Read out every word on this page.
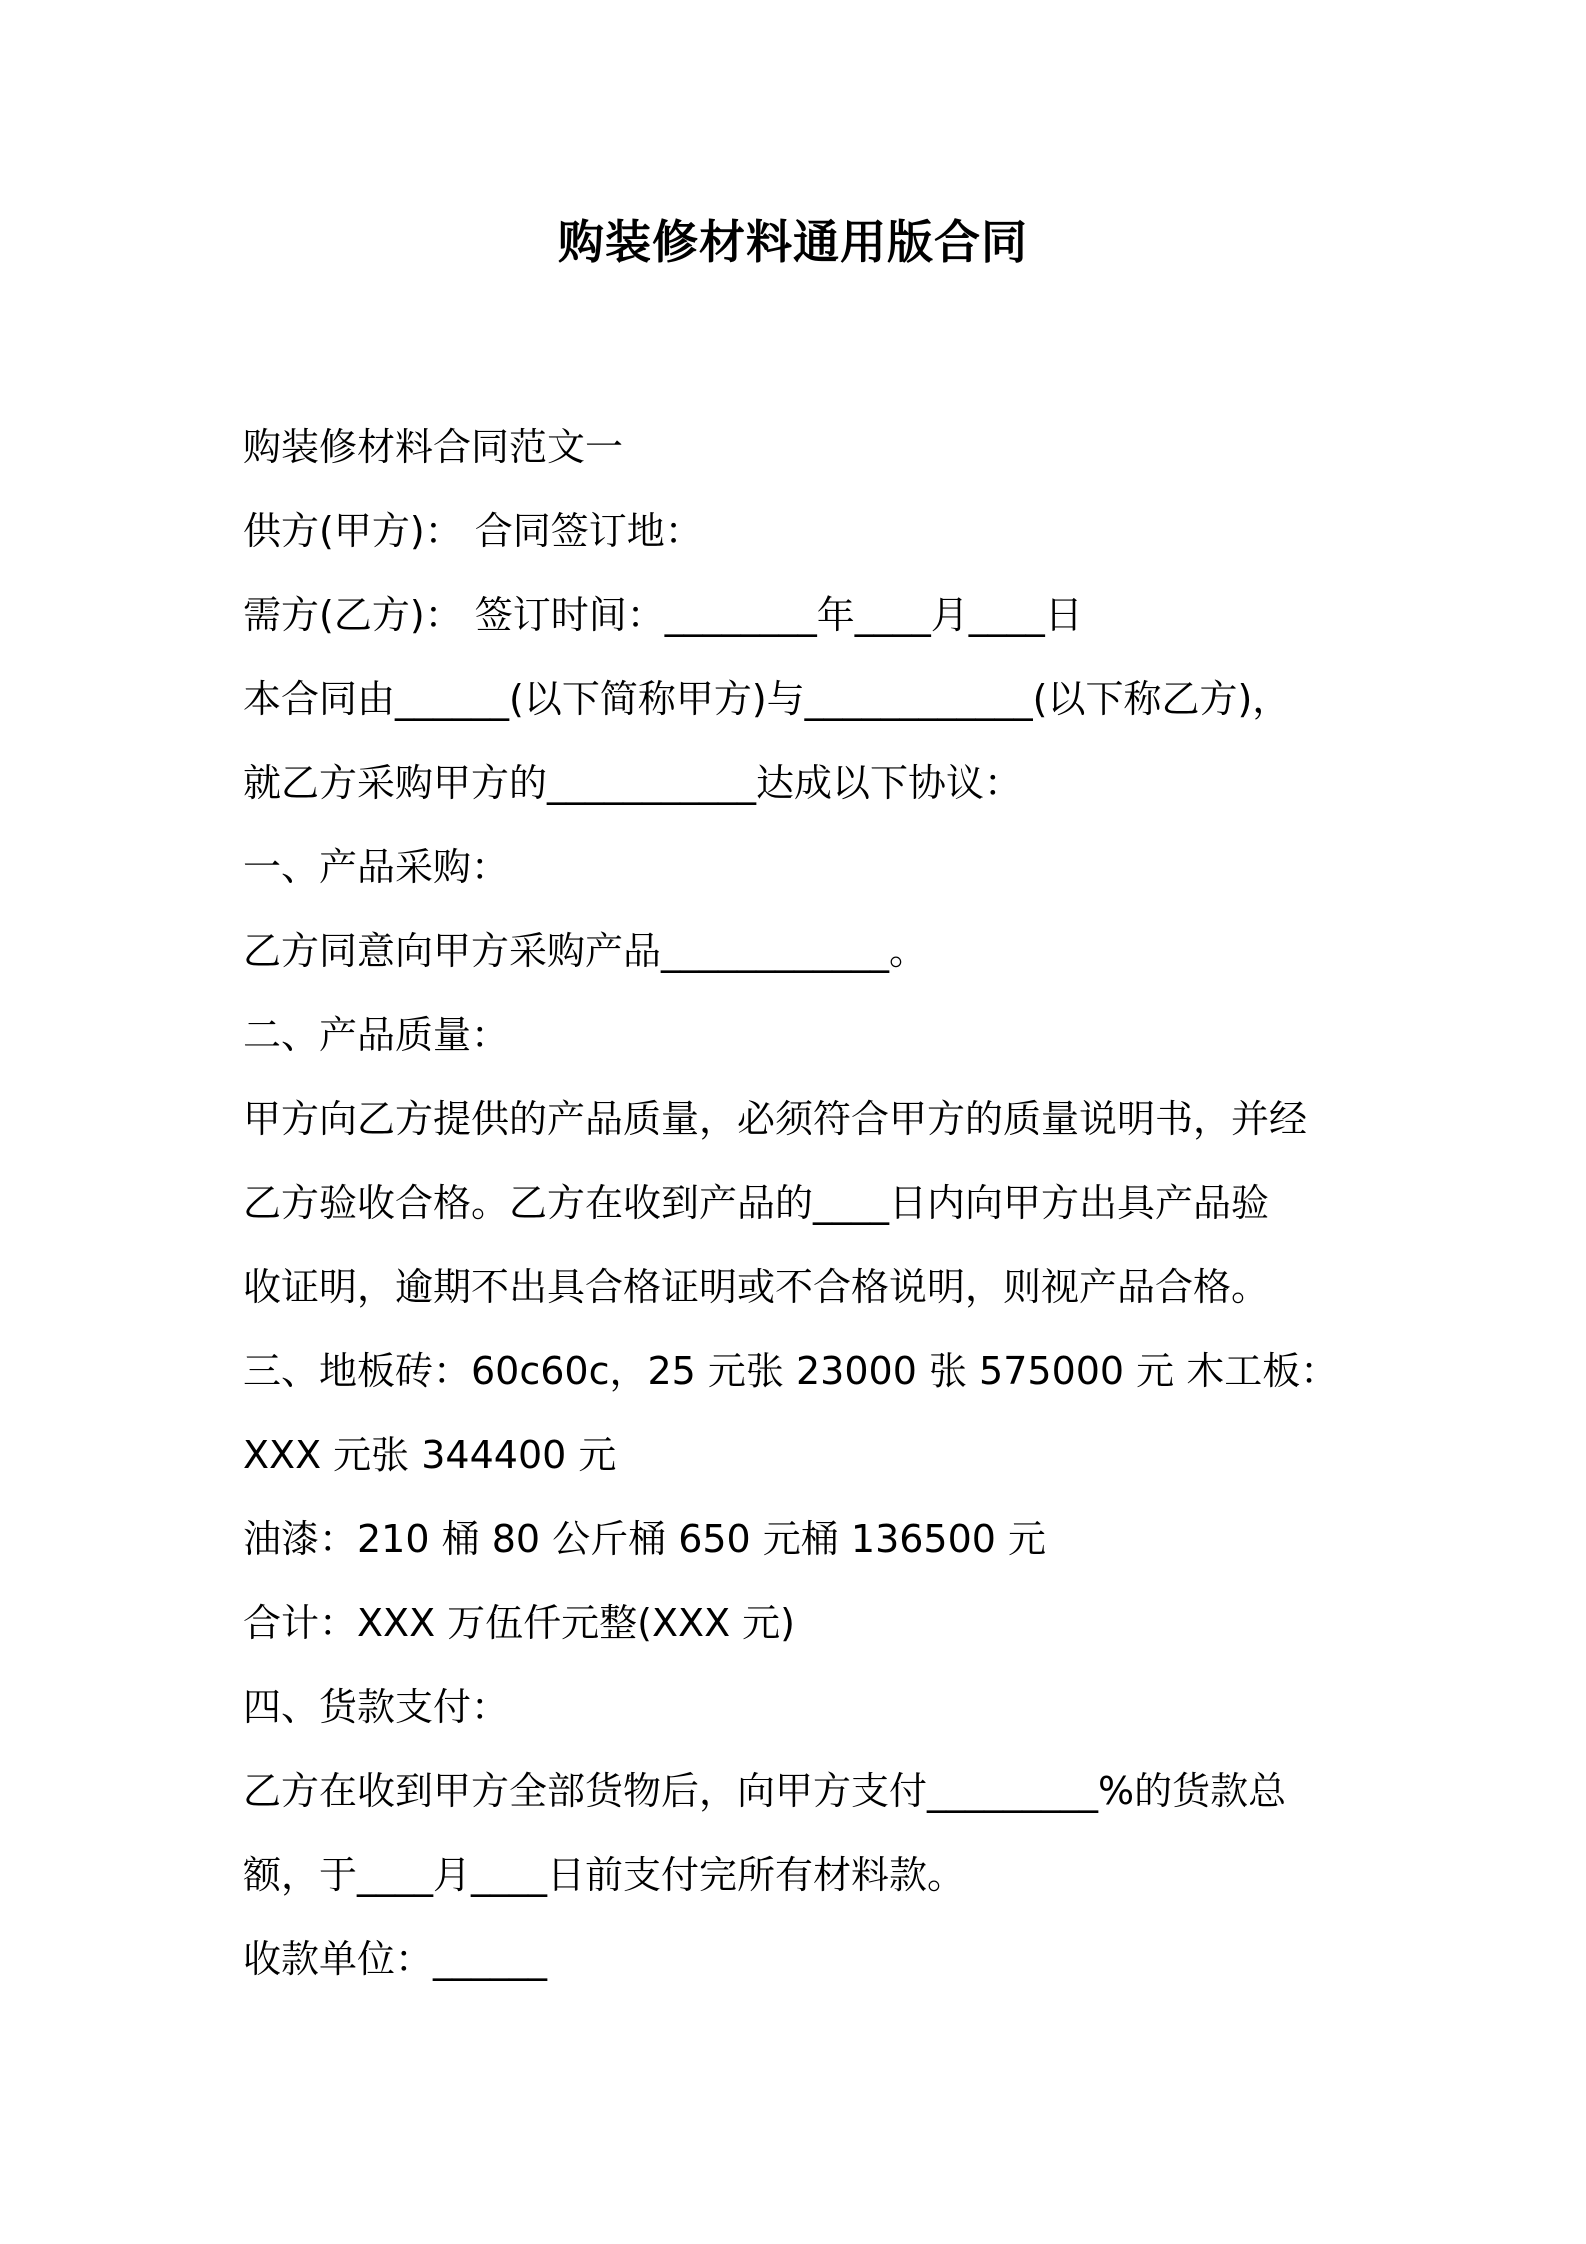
购装修材料通用版合同
购装修材料合同范文一
供方(甲方)： 合同签订地：
需方(乙方)： 签订时间：________年____月____日
本合同由______(以下简称甲方)与____________(以下称乙方)，
就乙方采购甲方的___________达成以下协议：
一、产品采购：
乙方同意向甲方采购产品____________。
二、产品质量：
甲方向乙方提供的产品质量，必须符合甲方的质量说明书，并经
乙方验收合格。乙方在收到产品的____日内向甲方出具产品验
收证明，逾期不出具合格证明或不合格说明，则视产品合格。
三、地板砖：60c60c，25 元张 23000 张 575000 元 木工板：
XXX 元张 344400 元
油漆：210 桶 80 公斤桶 650 元桶 136500 元
合计：XXX 万伍仟元整(XXX 元)
四、货款支付：
乙方在收到甲方全部货物后，向甲方支付_________%的货款总
额，于____月____日前支付完所有材料款。
收款单位：______
